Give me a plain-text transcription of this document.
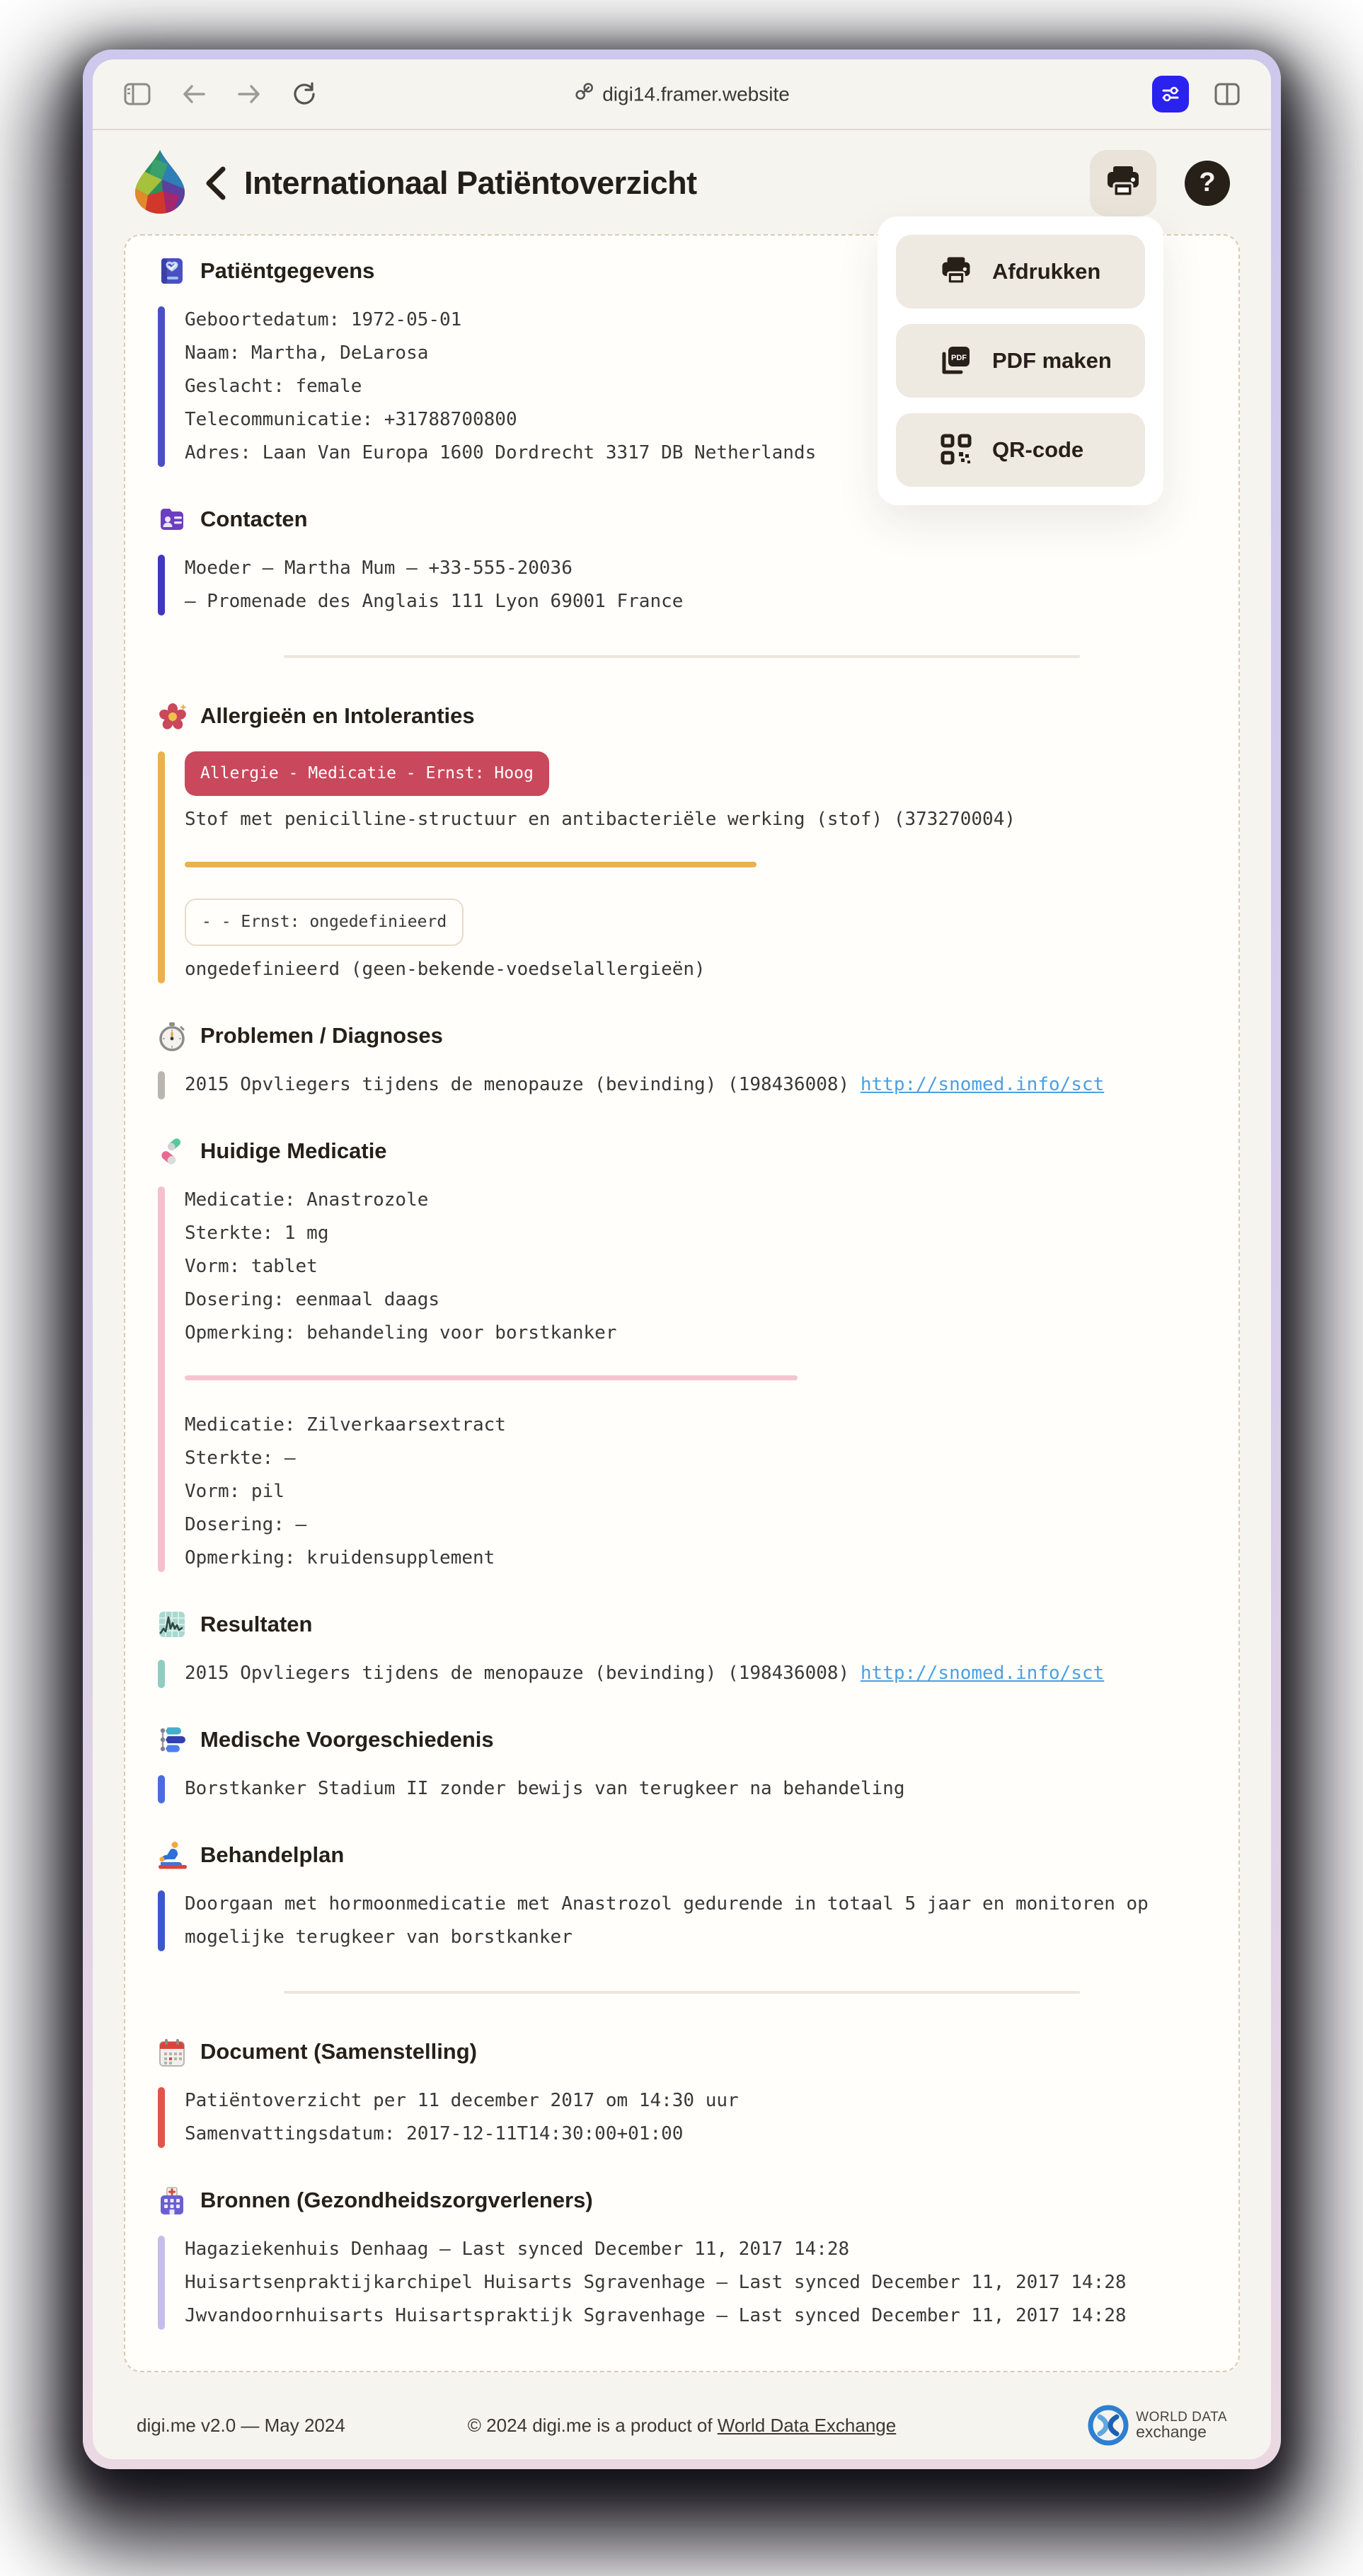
digi14.framer.website
Internationaal Patiëntoverzicht	?
Afdrukken
PDF PDF maken
QR-code
Patiëntgegevens
Geboortedatum: 1972-05-01
Naam: Martha, DeLarosa
Geslacht: female
Telecommunicatie: +31788700800
Adres: Laan Van Europa 1600 Dordrecht 3317 DB Netherlands
Contacten
Moeder – Martha Mum – +33-555-20036
– Promenade des Anglais 111 Lyon 69001 France
Allergieën en Intoleranties
Allergie - Medicatie - Ernst: Hoog
Stof met penicilline-structuur en antibacteriële werking (stof) (373270004)
- - Ernst: ongedefinieerd
ongedefinieerd (geen-bekende-voedselallergieën)
Problemen / Diagnoses
2015 Opvliegers tijdens de menopauze (bevinding) (198436008) http://snomed.info/sct
Huidige Medicatie
Medicatie: Anastrozole
Sterkte: 1 mg
Vorm: tablet
Dosering: eenmaal daags
Opmerking: behandeling voor borstkanker
Medicatie: Zilverkaarsextract
Sterkte: –
Vorm: pil
Dosering: –
Opmerking: kruidensupplement
Resultaten
2015 Opvliegers tijdens de menopauze (bevinding) (198436008) http://snomed.info/sct
Medische Voorgeschiedenis
Borstkanker Stadium II zonder bewijs van terugkeer na behandeling
Behandelplan
Doorgaan met hormoonmedicatie met Anastrozol gedurende in totaal 5 jaar en monitoren op mogelijke terugkeer van borstkanker
Document (Samenstelling)
Patiëntoverzicht per 11 december 2017 om 14:30 uur
Samenvattingsdatum: 2017-12-11T14:30:00+01:00
Bronnen (Gezondheidszorgverleners)
Hagaziekenhuis Denhaag – Last synced December 11, 2017 14:28
Huisartsenpraktijkarchipel Huisarts Sgravenhage – Last synced December 11, 2017 14:28
Jwvandoornhuisarts Huisartspraktijk Sgravenhage – Last synced December 11, 2017 14:28
digi.me v2.0 — May 2024	© 2024 digi.me is a product of World Data Exchange	WORLD DATA
exchange
